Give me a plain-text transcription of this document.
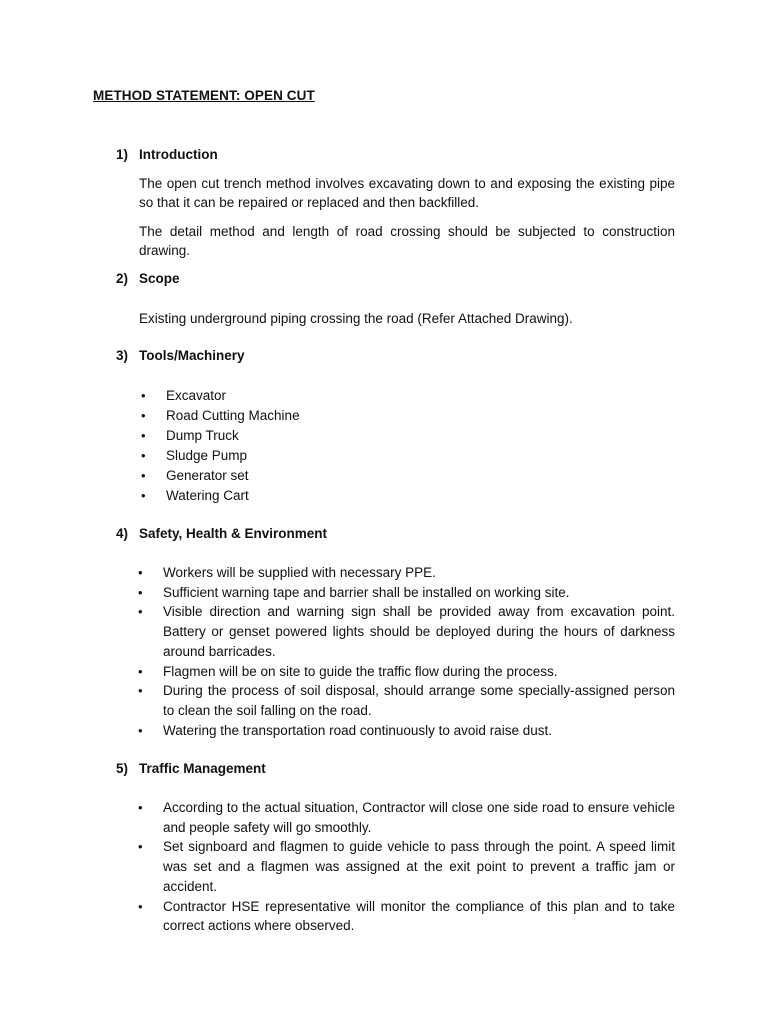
METHOD STATEMENT: OPEN CUT
1) Introduction

The open cut trench method involves excavating down to and exposing the existing pipe so that it can be repaired or replaced and then backfilled.

The detail method and length of road crossing should be subjected to construction drawing.

2) Scope

Existing underground piping crossing the road (Refer Attached Drawing).

3) Tools/Machinery
• Excavator
• Road Cutting Machine
• Dump Truck
• Sludge Pump
• Generator set
• Watering Cart
4) Safety, Health & Environment
• Workers will be supplied with necessary PPE.
• Sufficient warning tape and barrier shall be installed on working site.
• Visible direction and warning sign shall be provided away from excavation point. Battery or genset powered lights should be deployed during the hours of darkness around barricades.
• Flagmen will be on site to guide the traffic flow during the process.
• During the process of soil disposal, should arrange some specially-assigned person to clean the soil falling on the road.
• Watering the transportation road continuously to avoid raise dust.
5) Traffic Management
• According to the actual situation, Contractor will close one side road to ensure vehicle and people safety will go smoothly.
• Set signboard and flagmen to guide vehicle to pass through the point. A speed limit was set and a flagmen was assigned at the exit point to prevent a traffic jam or accident.
• Contractor HSE representative will monitor the compliance of this plan and to take correct actions where observed.
